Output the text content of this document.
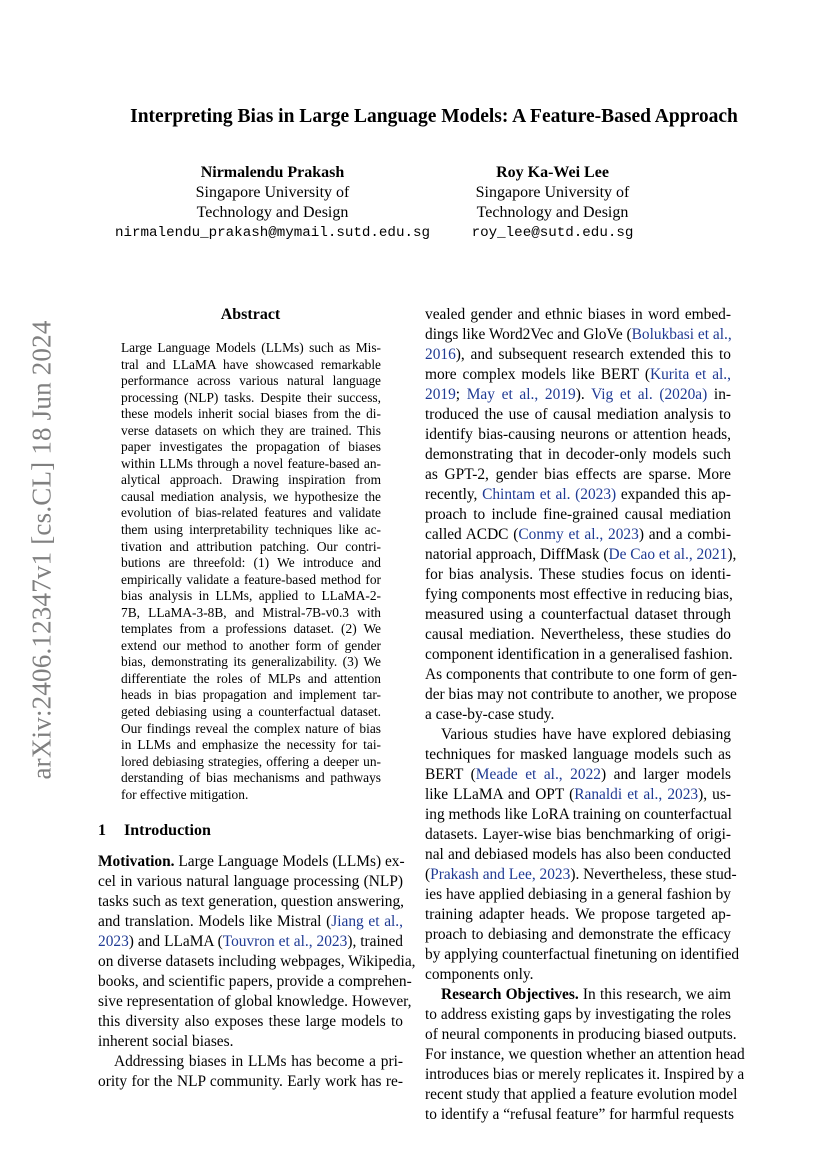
arXiv:2406.12347v1 [cs.CL] 18 Jun 2024
Interpreting Bias in Large Language Models: A Feature-Based Approach
Nirmalendu Prakash
Singapore University of
Technology and Design
nirmalendu_prakash@mymail.sutd.edu.sg
Roy Ka-Wei Lee
Singapore University of
Technology and Design
roy_lee@sutd.edu.sg
Abstract
Large Language Models (LLMs) such as Mis-
tral and LLaMA have showcased remarkable
performance across various natural language
processing (NLP) tasks. Despite their success,
these models inherit social biases from the di-
verse datasets on which they are trained. This
paper investigates the propagation of biases
within LLMs through a novel feature-based an-
alytical approach. Drawing inspiration from
causal mediation analysis, we hypothesize the
evolution of bias-related features and validate
them using interpretability techniques like ac-
tivation and attribution patching. Our contri-
butions are threefold: (1) We introduce and
empirically validate a feature-based method for
bias analysis in LLMs, applied to LLaMA-2-
7B, LLaMA-3-8B, and Mistral-7B-v0.3 with
templates from a professions dataset. (2) We
extend our method to another form of gender
bias, demonstrating its generalizability. (3) We
differentiate the roles of MLPs and attention
heads in bias propagation and implement tar-
geted debiasing using a counterfactual dataset.
Our findings reveal the complex nature of bias
in LLMs and emphasize the necessity for tai-
lored debiasing strategies, offering a deeper un-
derstanding of bias mechanisms and pathways
for effective mitigation.
1 Introduction
Motivation. Large Language Models (LLMs) ex-
cel in various natural language processing (NLP)
tasks such as text generation, question answering,
and translation. Models like Mistral (Jiang et al.,
2023) and LLaMA (Touvron et al., 2023), trained
on diverse datasets including webpages, Wikipedia,
books, and scientific papers, provide a comprehen-
sive representation of global knowledge. However,
this diversity also exposes these large models to
inherent social biases.
Addressing biases in LLMs has become a pri-
ority for the NLP community. Early work has re-
vealed gender and ethnic biases in word embed-
dings like Word2Vec and GloVe (Bolukbasi et al.,
2016), and subsequent research extended this to
more complex models like BERT (Kurita et al.,
2019; May et al., 2019). Vig et al. (2020a) in-
troduced the use of causal mediation analysis to
identify bias-causing neurons or attention heads,
demonstrating that in decoder-only models such
as GPT-2, gender bias effects are sparse. More
recently, Chintam et al. (2023) expanded this ap-
proach to include fine-grained causal mediation
called ACDC (Conmy et al., 2023) and a combi-
natorial approach, DiffMask (De Cao et al., 2021),
for bias analysis. These studies focus on identi-
fying components most effective in reducing bias,
measured using a counterfactual dataset through
causal mediation. Nevertheless, these studies do
component identification in a generalised fashion.
As components that contribute to one form of gen-
der bias may not contribute to another, we propose
a case-by-case study.
Various studies have have explored debiasing
techniques for masked language models such as
BERT (Meade et al., 2022) and larger models
like LLaMA and OPT (Ranaldi et al., 2023), us-
ing methods like LoRA training on counterfactual
datasets. Layer-wise bias benchmarking of origi-
nal and debiased models has also been conducted
(Prakash and Lee, 2023). Nevertheless, these stud-
ies have applied debiasing in a general fashion by
training adapter heads. We propose targeted ap-
proach to debiasing and demonstrate the efficacy
by applying counterfactual finetuning on identified
components only.
Research Objectives. In this research, we aim
to address existing gaps by investigating the roles
of neural components in producing biased outputs.
For instance, we question whether an attention head
introduces bias or merely replicates it. Inspired by a
recent study that applied a feature evolution model
to identify a “refusal feature” for harmful requests
